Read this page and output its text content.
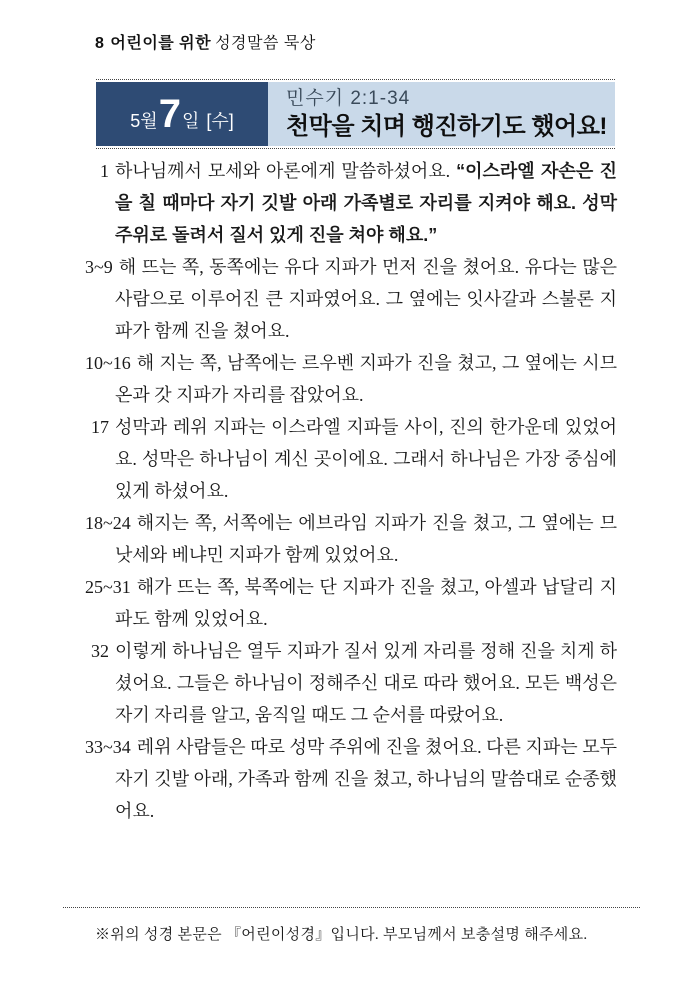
8 어린이를 위한 성경말씀 묵상
5월 7 일 [수]
민수기 2:1-34
천막을 치며 행진하기도 했어요!

1 하나님께서 모세와 아론에게 말씀하셨어요. “이스라엘 자손은 진을 칠 때마다 자기 깃발 아래 가족별로 자리를 지켜야 해요. 성막 주위로 돌려서 질서 있게 진을 쳐야 해요.”

3~9 해 뜨는 쪽, 동쪽에는 유다 지파가 먼저 진을 쳤어요. 유다는 많은 사람으로 이루어진 큰 지파였어요. 그 옆에는 잇사갈과 스불론 지파가 함께 진을 쳤어요.

10~16 해 지는 쪽, 남쪽에는 르우벤 지파가 진을 쳤고, 그 옆에는 시므온과 갓 지파가 자리를 잡았어요.

17 성막과 레위 지파는 이스라엘 지파들 사이, 진의 한가운데 있었어요. 성막은 하나님이 계신 곳이에요. 그래서 하나님은 가장 중심에 있게 하셨어요.

18~24 해지는 쪽, 서쪽에는 에브라임 지파가 진을 쳤고, 그 옆에는 므낫세와 베냐민 지파가 함께 있었어요.

25~31 해가 뜨는 쪽, 북쪽에는 단 지파가 진을 쳤고, 아셀과 납달리 지파도 함께 있었어요.

32 이렇게 하나님은 열두 지파가 질서 있게 자리를 정해 진을 치게 하셨어요. 그들은 하나님이 정해주신 대로 따라 했어요. 모든 백성은 자기 자리를 알고, 움직일 때도 그 순서를 따랐어요.

33~34 레위 사람들은 따로 성막 주위에 진을 쳤어요. 다른 지파는 모두 자기 깃발 아래, 가족과 함께 진을 쳤고, 하나님의 말씀대로 순종했어요.

※위의 성경 본문은 『어린이성경』입니다. 부모님께서 보충설명 해주세요.
